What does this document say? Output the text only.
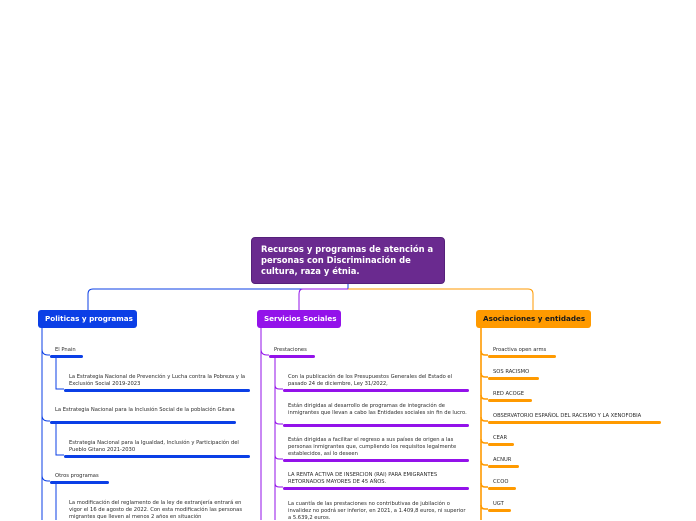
Recursos y programas de atención a personas con Discriminación de cultura, raza y étnia.
Politicas y programas	Servicios Sociales	Asociaciones y entidades
El Pnain
La Estrategia Nacional de Prevención y Lucha contra la Pobreza y la Exclusión Social 2019-2023
La Estrategia Nacional para la Inclusión Social de la población Gitana
Estrategia Nacional para la Igualdad, Inclusión y Participación del Pueblo Gitano 2021-2030
Otros programas
La modificación del reglamento de la ley de extranjería entrará en vigor el 16 de agosto de 2022. Con esta modificación las personas migrantes que lleven al menos 2 años en situación
Prestaciones
Con la publicación de los Presupuestos Generales del Estado el pasado 24 de diciembre, Ley 31/2022,
Están dirigidas al desarrollo de programas de integración de inmigrantes que llevan a cabo las Entidades sociales sin fin de lucro.
Están dirigidas a facilitar el regreso a sus países de origen a las personas inmigrantes que, cumpliendo los requisitos legalmente establecidos, así lo deseen
LA RENTA ACTIVA DE INSERCION (RAI) PARA EMIGRANTES RETORNADOS MAYORES DE 45 AÑOS.
La cuantía de las prestaciones no contributivas de jubilación o invalidez no podrá ser inferior, en 2021, a 1.409,8 euros, ni superior a 5.639,2 euros.
Proactiva open arms
SOS RACISMO
RED ACOGE
OBSERVATORIO ESPAÑOL DEL RACISMO Y LA XENOFOBIA
CEAR
ACNUR
CCOO
UGT
